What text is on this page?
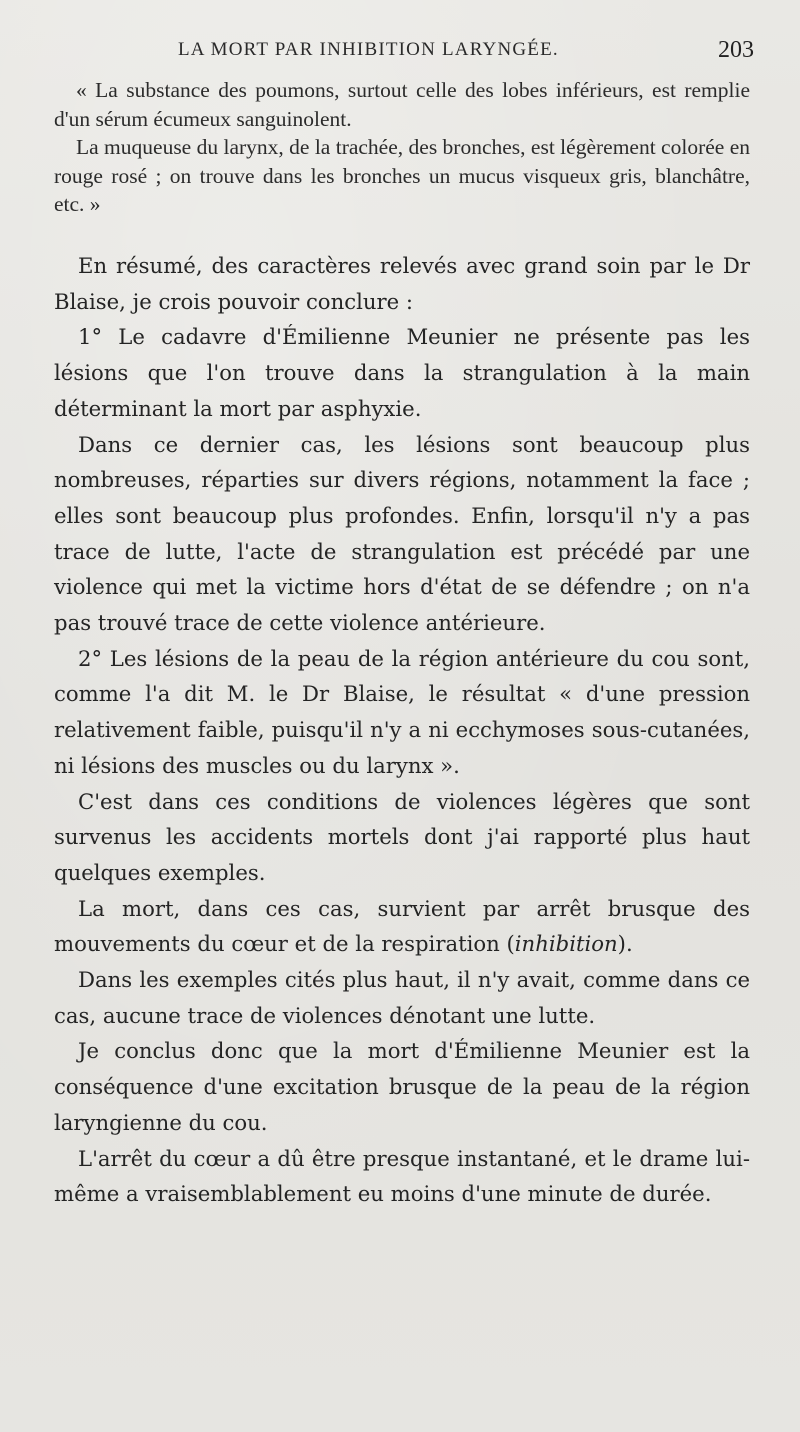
LA MORT PAR INHIBITION LARYNGÉE.	203

« La substance des poumons, surtout celle des lobes inférieurs, est remplie d'un sérum écumeux sanguinolent.

La muqueuse du larynx, de la trachée, des bronches, est légèrement colorée en rouge rosé ; on trouve dans les bronches un mucus visqueux gris, blanchâtre, etc. »

En résumé, des caractères relevés avec grand soin par le Dr Blaise, je crois pouvoir conclure :

1° Le cadavre d'Émilienne Meunier ne présente pas les lésions que l'on trouve dans la strangulation à la main déterminant la mort par asphyxie.

Dans ce dernier cas, les lésions sont beaucoup plus nombreuses, réparties sur divers régions, notamment la face ; elles sont beaucoup plus profondes. Enfin, lorsqu'il n'y a pas trace de lutte, l'acte de strangulation est précédé par une violence qui met la victime hors d'état de se défendre ; on n'a pas trouvé trace de cette violence antérieure.

2° Les lésions de la peau de la région antérieure du cou sont, comme l'a dit M. le Dr Blaise, le résultat « d'une pression relativement faible, puisqu'il n'y a ni ecchymoses sous-cutanées, ni lésions des muscles ou du larynx ».

C'est dans ces conditions de violences légères que sont survenus les accidents mortels dont j'ai rapporté plus haut quelques exemples.

La mort, dans ces cas, survient par arrêt brusque des mouvements du cœur et de la respiration (inhibition).

Dans les exemples cités plus haut, il n'y avait, comme dans ce cas, aucune trace de violences dénotant une lutte.

Je conclus donc que la mort d'Émilienne Meunier est la conséquence d'une excitation brusque de la peau de la région laryngienne du cou.

L'arrêt du cœur a dû être presque instantané, et le drame lui-même a vraisemblablement eu moins d'une minute de durée.
